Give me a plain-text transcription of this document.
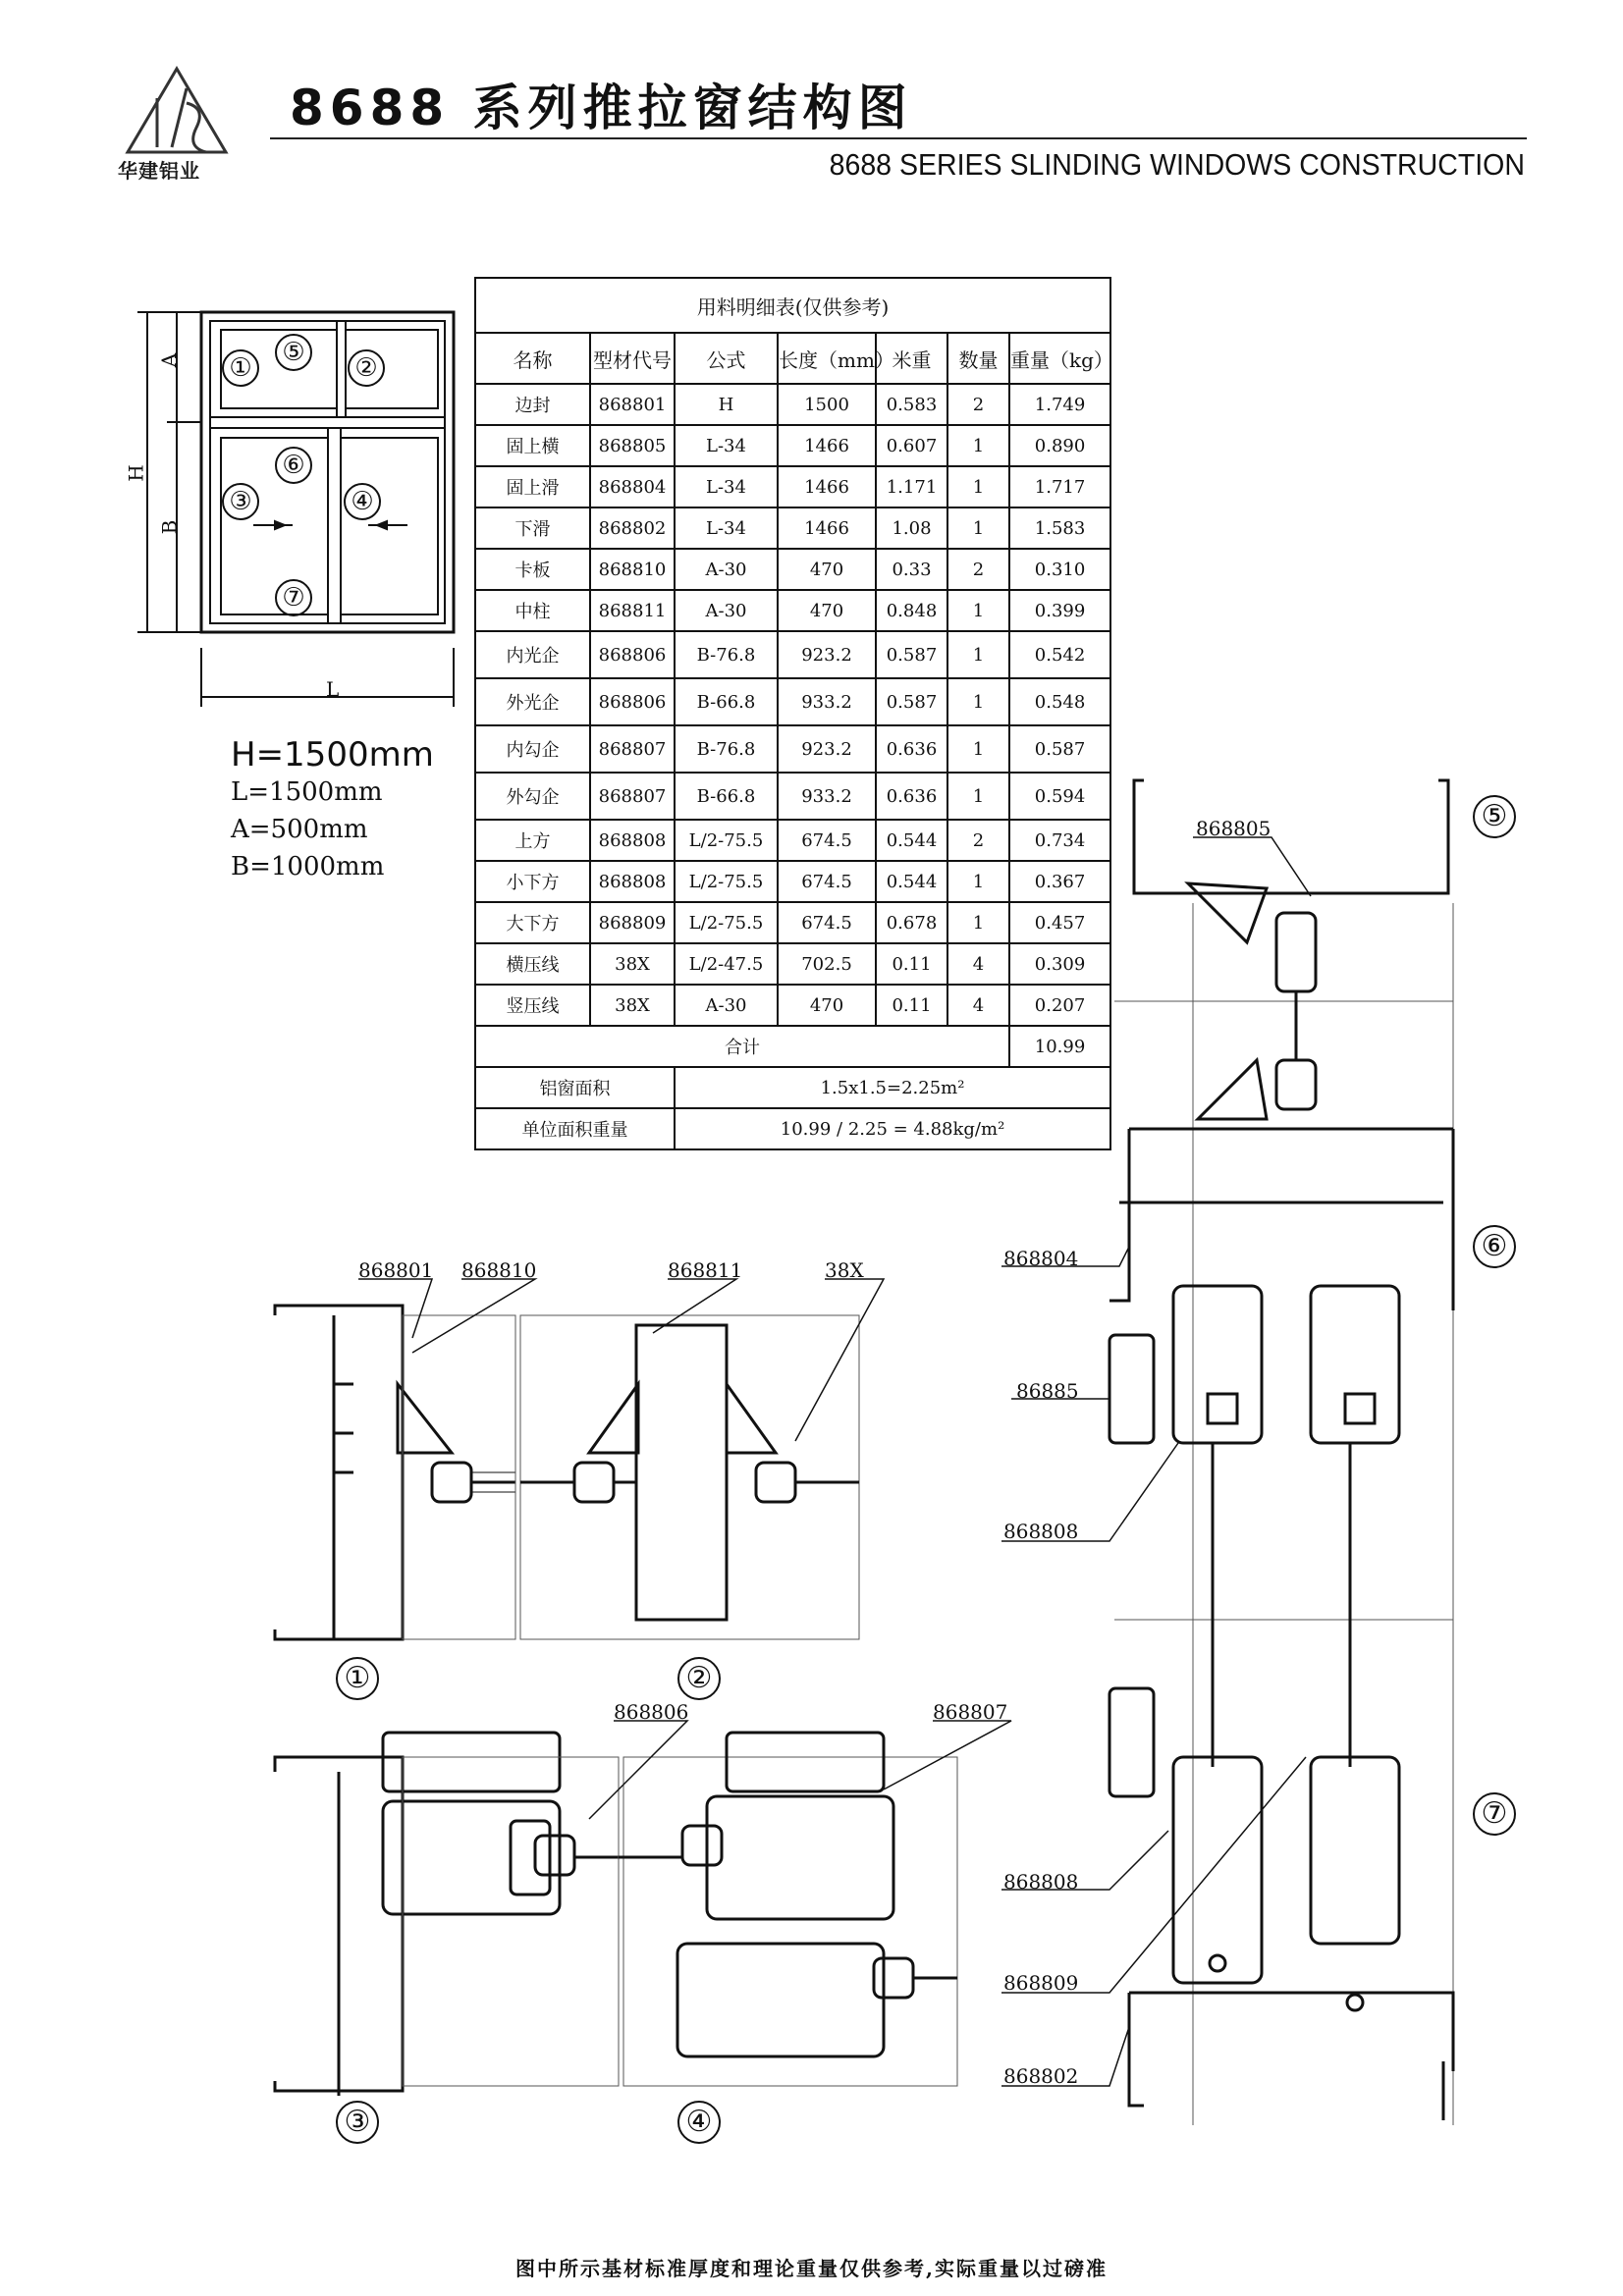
8688 系列推拉窗结构图
8688 SERIES SLINDING WINDOWS CONSTRUCTION
华建铝业
A
B
H
L
①	②
③	④
⑤
⑥
⑦
H=1500mm
L=1500mm
A=500mm
B=1000mm
用料明细表(仅供参考)						
名称	型材代号	公式	长度（mm）	米重	数量	重量（kg）
边封	868801	H	1500	0.583	2	1.749
固上横	868805	L-34	1466	0.607	1	0.890
固上滑	868804	L-34	1466	1.171	1	1.717
下滑	868802	L-34	1466	1.08	1	1.583
卡板	868810	A-30	470	0.33	2	0.310
中柱	868811	A-30	470	0.848	1	0.399
内光企	868806	B-76.8	923.2	0.587	1	0.542
外光企	868806	B-66.8	933.2	0.587	1	0.548
内勾企	868807	B-76.8	923.2	0.636	1	0.587
外勾企	868807	B-66.8	933.2	0.636	1	0.594
上方	868808	L/2-75.5	674.5	0.544	2	0.734
小下方	868808	L/2-75.5	674.5	0.544	1	0.367
大下方	868809	L/2-75.5	674.5	0.678	1	0.457
横压线	38X	L/2-47.5	702.5	0.11	4	0.309
竖压线	38X	A-30	470	0.11	4	0.207
合计						10.99
铝窗面积		1.5x1.5=2.25m²				
单位面积重量		10.99 / 2.25 = 4.88kg/m²				
868801 868810	868811	38X
①	②
868806	868807
③	④
868805	⑤
868804
86885
868808
⑥
868808
868809
868802
⑦
图中所示基材标准厚度和理论重量仅供参考,实际重量以过磅准
